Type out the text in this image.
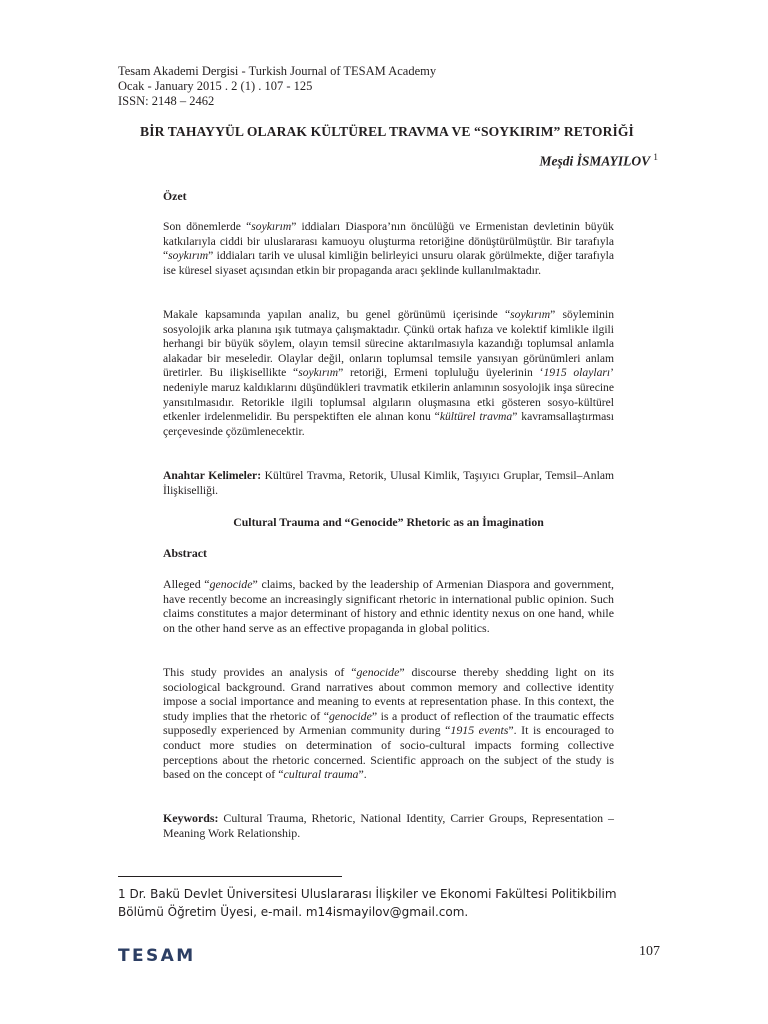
Tesam Akademi Dergisi - Turkish Journal of TESAM Academy
Ocak - January 2015 . 2 (1) . 107 - 125
ISSN: 2148 – 2462
BİR TAHAYYÜL OLARAK KÜLTÜREL TRAVMA VE “SOYKIRIM” RETORİĞİ
Meşdi İSMAYILOV $^1$
Özet
Son dönemlerde “soykırım” iddiaları Diaspora’nın öncülüğü ve Ermenistan devletinin büyük katkılarıyla ciddi bir uluslararası kamuoyu oluşturma retoriğine dönüştürülmüştür. Bir tarafıyla “soykırım” iddiaları tarih ve ulusal kimliğin belirleyici unsuru olarak görülmekte, diğer tarafıyla ise küresel siyaset açısından etkin bir propaganda aracı şeklinde kullanılmaktadır.
Makale kapsamında yapılan analiz, bu genel görünümü içerisinde “soykırım” söyleminin sosyolojik arka planına ışık tutmaya çalışmaktadır. Çünkü ortak hafıza ve kolektif kimlikle ilgili herhangi bir büyük söylem, olayın temsil sürecine aktarılmasıyla kazandığı toplumsal anlamla alakadar bir meseledir. Olaylar değil, onların toplumsal temsile yansıyan görünümleri anlam üretirler. Bu ilişkisellikte “soykırım” retoriği, Ermeni topluluğu üyelerinin ‘1915 olayları’ nedeniyle maruz kaldıklarını düşündükleri travmatik etkilerin anlamının sosyolojik inşa sürecine yansıtılmasıdır. Retorikle ilgili toplumsal algıların oluşmasına etki gösteren sosyo-kültürel etkenler irdelenmelidir. Bu perspektiften ele alınan konu “kültürel travma” kavramsallaştırması çerçevesinde çözümlenecektir.
Anahtar Kelimeler: Kültürel Travma, Retorik, Ulusal Kimlik, Taşıyıcı Gruplar, Temsil–Anlam İlişkiselliği.
Cultural Trauma and “Genocide” Rhetoric as an İmagination
Abstract
Alleged “genocide” claims, backed by the leadership of Armenian Diaspora and government, have recently become an increasingly significant rhetoric in international public opinion. Such claims constitutes a major determinant of history and ethnic identity nexus on one hand, while on the other hand serve as an effective propaganda in global politics.
This study provides an analysis of “genocide” discourse thereby shedding light on its sociological background. Grand narratives about common memory and collective identity impose a social importance and meaning to events at representation phase. In this context, the study implies that the rhetoric of “genocide” is a product of reflection of the traumatic effects supposedly experienced by Armenian community during “1915 events”. It is encouraged to conduct more studies on determination of socio-cultural impacts forming collective perceptions about the rhetoric concerned. Scientific approach on the subject of the study is based on the concept of “cultural trauma”.
Keywords: Cultural Trauma, Rhetoric, National Identity, Carrier Groups, Representation – Meaning Work Relationship.
1 Dr. Bakü Devlet Üniversitesi Uluslararası İlişkiler ve Ekonomi Fakültesi Politikbilim Bölümü Öğretim Üyesi, e-mail. m14ismayilov@gmail.com.
TESAM	107
